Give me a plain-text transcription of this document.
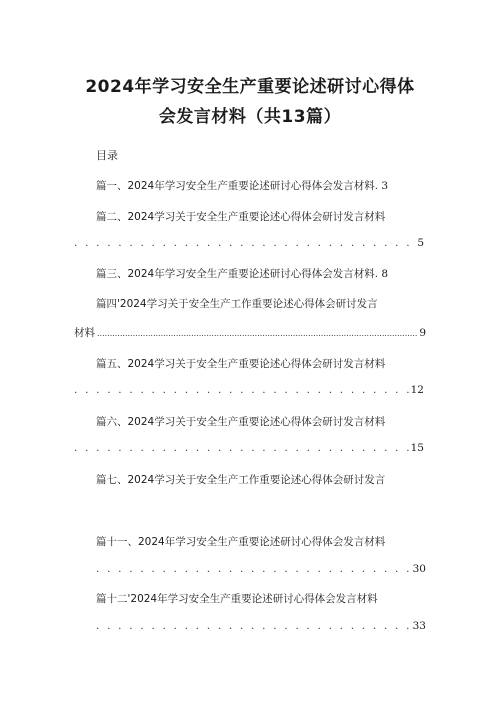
2024年学习安全生产重要论述研讨心得体
会发言材料（共13篇）
目录
篇一、2024年学习安全生产重要论述研讨心得体会发言材料. 3
篇二、2024学习关于安全生产重要论述心得体会研讨发言材料
. . .
5
篇三、2024年学习安全生产重要论述研讨心得体会发言材料. 8
篇四'2024学习关于安全生产工作重要论述心得体会研讨发言
材料
.....	9
篇五、2024学习关于安全生产重要论述心得体会研讨发言材料
. . .
12
篇六、2024学习关于安全生产重要论述心得体会研讨发言材料
. . .
15
篇七、2024学习关于安全生产工作重要论述心得体会研讨发言
篇十一、2024年学习安全生产重要论述研讨心得体会发言材料
. . .
30
篇十二'2024年学习安全生产重要论述研讨心得体会发言材料
. . .
33
